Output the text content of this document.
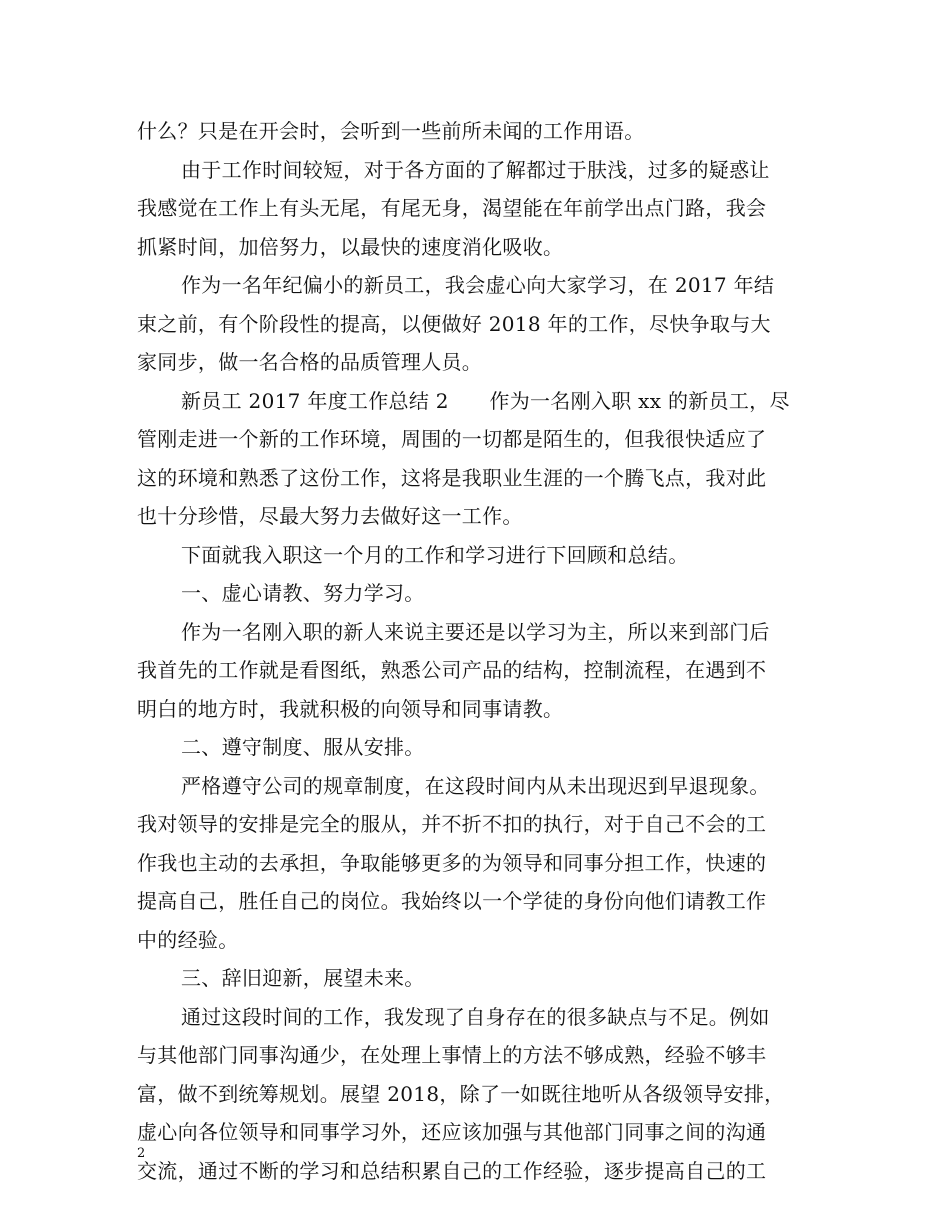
什么？只是在开会时，会听到一些前所未闻的工作用语。
由于工作时间较短，对于各方面的了解都过于肤浅，过多的疑惑让
我感觉在工作上有头无尾，有尾无身，渴望能在年前学出点门路，我会
抓紧时间，加倍努力，以最快的速度消化吸收。
作为一名年纪偏小的新员工，我会虚心向大家学习，在 2017 年结
束之前，有个阶段性的提高，以便做好 2018 年的工作，尽快争取与大
家同步，做一名合格的品质管理人员。
新员工 2017 年度工作总结 2　　作为一名刚入职 xx 的新员工，尽
管刚走进一个新的工作环境，周围的一切都是陌生的，但我很快适应了
这的环境和熟悉了这份工作，这将是我职业生涯的一个腾飞点，我对此
也十分珍惜，尽最大努力去做好这一工作。
下面就我入职这一个月的工作和学习进行下回顾和总结。
一、虚心请教、努力学习。
作为一名刚入职的新人来说主要还是以学习为主，所以来到部门后
我首先的工作就是看图纸，熟悉公司产品的结构，控制流程，在遇到不
明白的地方时，我就积极的向领导和同事请教。
二、遵守制度、服从安排。
严格遵守公司的规章制度，在这段时间内从未出现迟到早退现象。
我对领导的安排是完全的服从，并不折不扣的执行，对于自己不会的工
作我也主动的去承担，争取能够更多的为领导和同事分担工作，快速的
提高自己，胜任自己的岗位。我始终以一个学徒的身份向他们请教工作
中的经验。
三、辞旧迎新，展望未来。
通过这段时间的工作，我发现了自身存在的很多缺点与不足。例如
与其他部门同事沟通少，在处理上事情上的方法不够成熟，经验不够丰
富，做不到统筹规划。展望 2018，除了一如既往地听从各级领导安排，
虚心向各位领导和同事学习外，还应该加强与其他部门同事之间的沟通
交流，通过不断的学习和总结积累自己的工作经验，逐步提高自己的工
2
